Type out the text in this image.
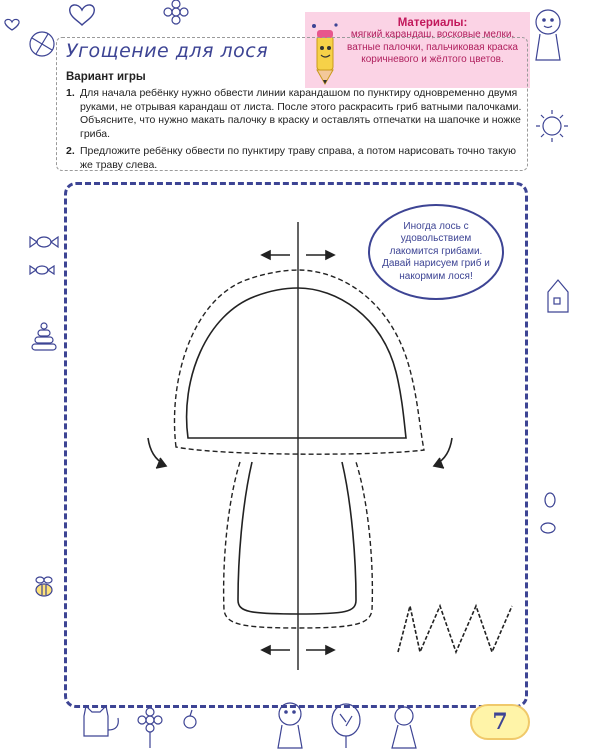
Материалы:
мягкий карандаш, восковые мелки, ватные палочки, пальчиковая краска коричневого и жёлтого цветов.
Угощение для лося
Вариант игры
1. Для начала ребёнку нужно обвести линии карандашом по пунктиру одновременно двумя руками, не отрывая карандаш от листа. После этого раскрасить гриб ватными палочками. Объясните, что нужно макать палочку в краску и оставлять отпечатки на шапочке и ножке гриба.
2. Предложите ребёнку обвести по пунктиру траву справа, а потом нарисовать точно такую же траву слева.
Иногда лось с удовольствием лакомится грибами. Давай нарисуем гриб и накормим лося!
7
